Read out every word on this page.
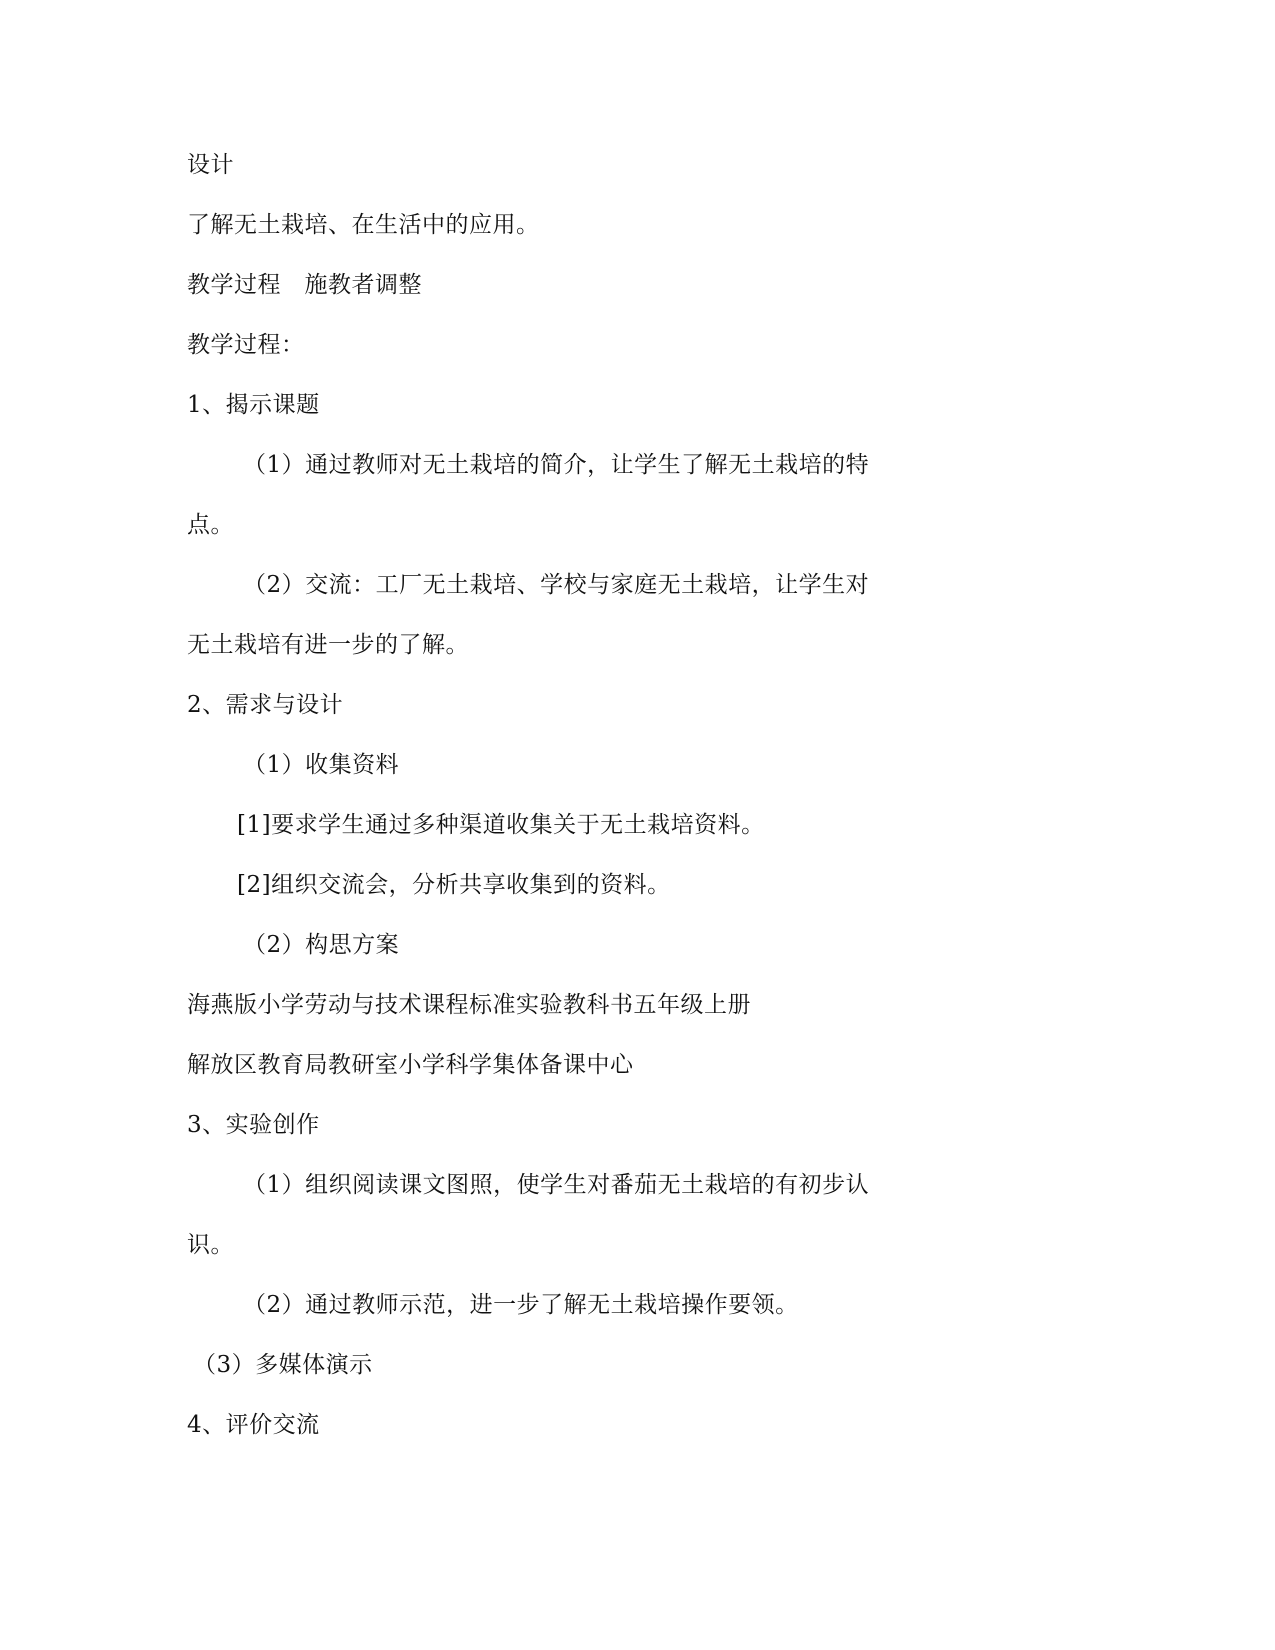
设计
了解无土栽培、在生活中的应用。
教学过程　施教者调整
教学过程：
1、揭示课题
（1）通过教师对无土栽培的简介，让学生了解无土栽培的特
点。
（2）交流：工厂无土栽培、学校与家庭无土栽培，让学生对
无土栽培有进一步的了解。
2、需求与设计
（1）收集资料
[1]要求学生通过多种渠道收集关于无土栽培资料。
[2]组织交流会，分析共享收集到的资料。
（2）构思方案
海燕版小学劳动与技术课程标准实验教科书五年级上册
解放区教育局教研室小学科学集体备课中心
3、实验创作
（1）组织阅读课文图照，使学生对番茄无土栽培的有初步认
识。
（2）通过教师示范，进一步了解无土栽培操作要领。
（3）多媒体演示
4、评价交流
